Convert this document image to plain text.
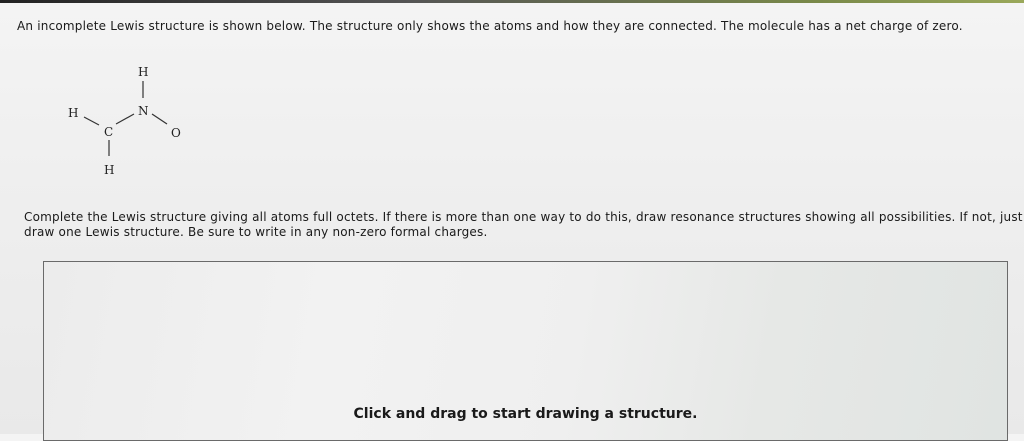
An incomplete Lewis structure is shown below. The structure only shows the atoms and how they are connected. The molecule has a net charge of zero.
H
N
H
C	O
H
Complete the Lewis structure giving all atoms full octets. If there is more than one way to do this, draw resonance structures showing all possibilities. If not, just
draw one Lewis structure. Be sure to write in any non-zero formal charges.
Click and drag to start drawing a structure.
